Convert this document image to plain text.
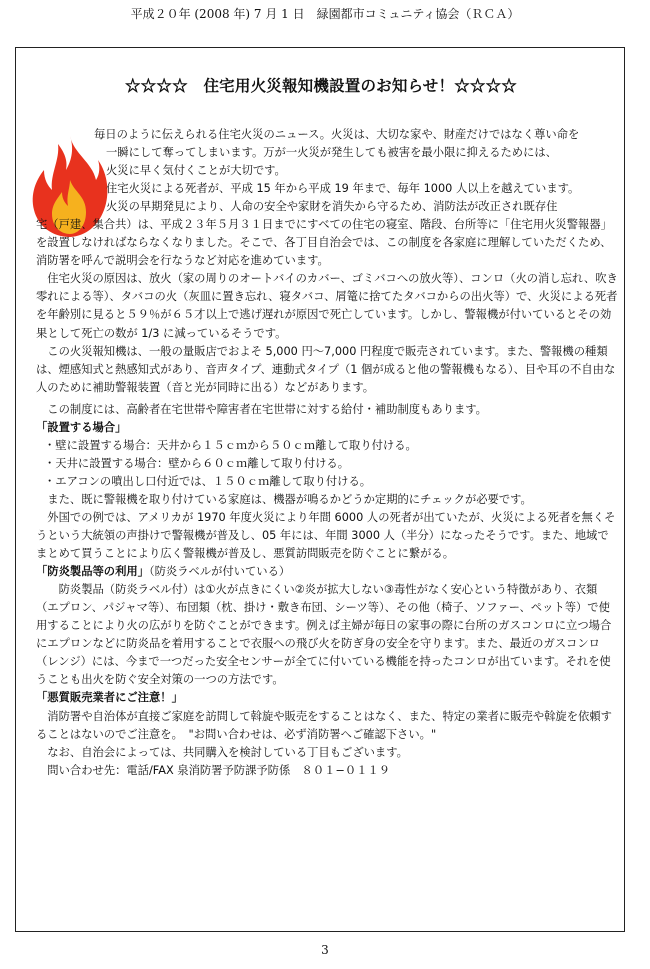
平成２０年 (2008 年) 7 月 1 日　緑園都市コミュニティ協会（ＲＣＡ）
☆☆☆☆　住宅用火災報知機設置のお知らせ！☆☆☆☆

毎日のように伝えられる住宅火災のニュース。火災は、大切な家や、財産だけではなく尊い命を

一瞬にして奪ってしまいます。万が一火災が発生しても被害を最小限に抑えるためには、

火災に早く気付くことが大切です。

住宅火災による死者が、平成 15 年から平成 19 年まで、毎年 1000 人以上を越えています。

火災の早期発見により、人命の安全や家財を消失から守るため、消防法が改正され既存住

宅（戸建、集合共）は、平成２３年５月３１日までにすべての住宅の寝室、階段、台所等に「住宅用火災警報器」を設置しなければならなくなりました。そこで、各丁目自治会では、この制度を各家庭に理解していただくため、消防署を呼んで説明会を行なうなど対応を進めています。

住宅火災の原因は、放火（家の周りのオートバイのカバー、ゴミバコへの放火等）、コンロ（火の消し忘れ、吹き零れによる等）、タバコの火（灰皿に置き忘れ、寝タバコ、屑篭に捨てたタバコからの出火等）で、火災による死者を年齢別に見ると５９％が６５才以上で逃げ遅れが原因で死亡しています。しかし、警報機が付いているとその効果として死亡の数が 1/3 に減っているそうです。

この火災報知機は、一般の量販店でおよそ 5,000 円～7,000 円程度で販売されています。また、警報機の種類は、煙感知式と熱感知式があり、音声タイプ、連動式タイプ（1 個が成ると他の警報機もなる）、目や耳の不自由な人のために補助警報装置（音と光が同時に出る）などがあります。

この制度には、高齢者在宅世帯や障害者在宅世帯に対する給付・補助制度もあります。

「設置する場合」

・壁に設置する場合：天井から１５ｃｍから５０ｃｍ離して取り付ける。

・天井に設置する場合：壁から６０ｃｍ離して取り付ける。

・エアコンの噴出し口付近では、１５０ｃｍ離して取り付ける。

また、既に警報機を取り付けている家庭は、機器が鳴るかどうか定期的にチェックが必要です。

外国での例では、アメリカが 1970 年度火災により年間 6000 人の死者が出ていたが、火災による死者を無くそうという大統領の声掛けで警報機が普及し、05 年には、年間 3000 人（半分）になったそうです。また、地域でまとめて買うことにより広く警報機が普及し、悪質訪問販売を防ぐことに繋がる。

「防炎製品等の利用」（防炎ラベルが付いている）

防炎製品（防炎ラベル付）は①火が点きにくい②炎が拡大しない③毒性がなく安心という特徴があり、衣類（エプロン、パジャマ等）、布団類（枕、掛け・敷き布団、シーツ等）、その他（椅子、ソファー、ペット等）で使用することにより火の広がりを防ぐことができます。例えば主婦が毎日の家事の際に台所のガスコンロに立つ場合にエプロンなどに防炎品を着用することで衣服への飛び火を防ぎ身の安全を守ります。また、最近のガスコンロ（レンジ）には、今まで一つだった安全センサーが全てに付いている機能を持ったコンロが出ています。それを使うことも出火を防ぐ安全対策の一つの方法です。

「悪質販売業者にご注意！」

消防署や自治体が直接ご家庭を訪問して斡旋や販売をすることはなく、また、特定の業者に販売や斡旋を依頼することはないのでご注意を。　"お問い合わせは、必ず消防署へご確認下さい。"

なお、自治会によっては、共同購入を検討している丁目もございます。

問い合わせ先：電話/FAX 泉消防署予防課予防係　８０１−０１１９

3
